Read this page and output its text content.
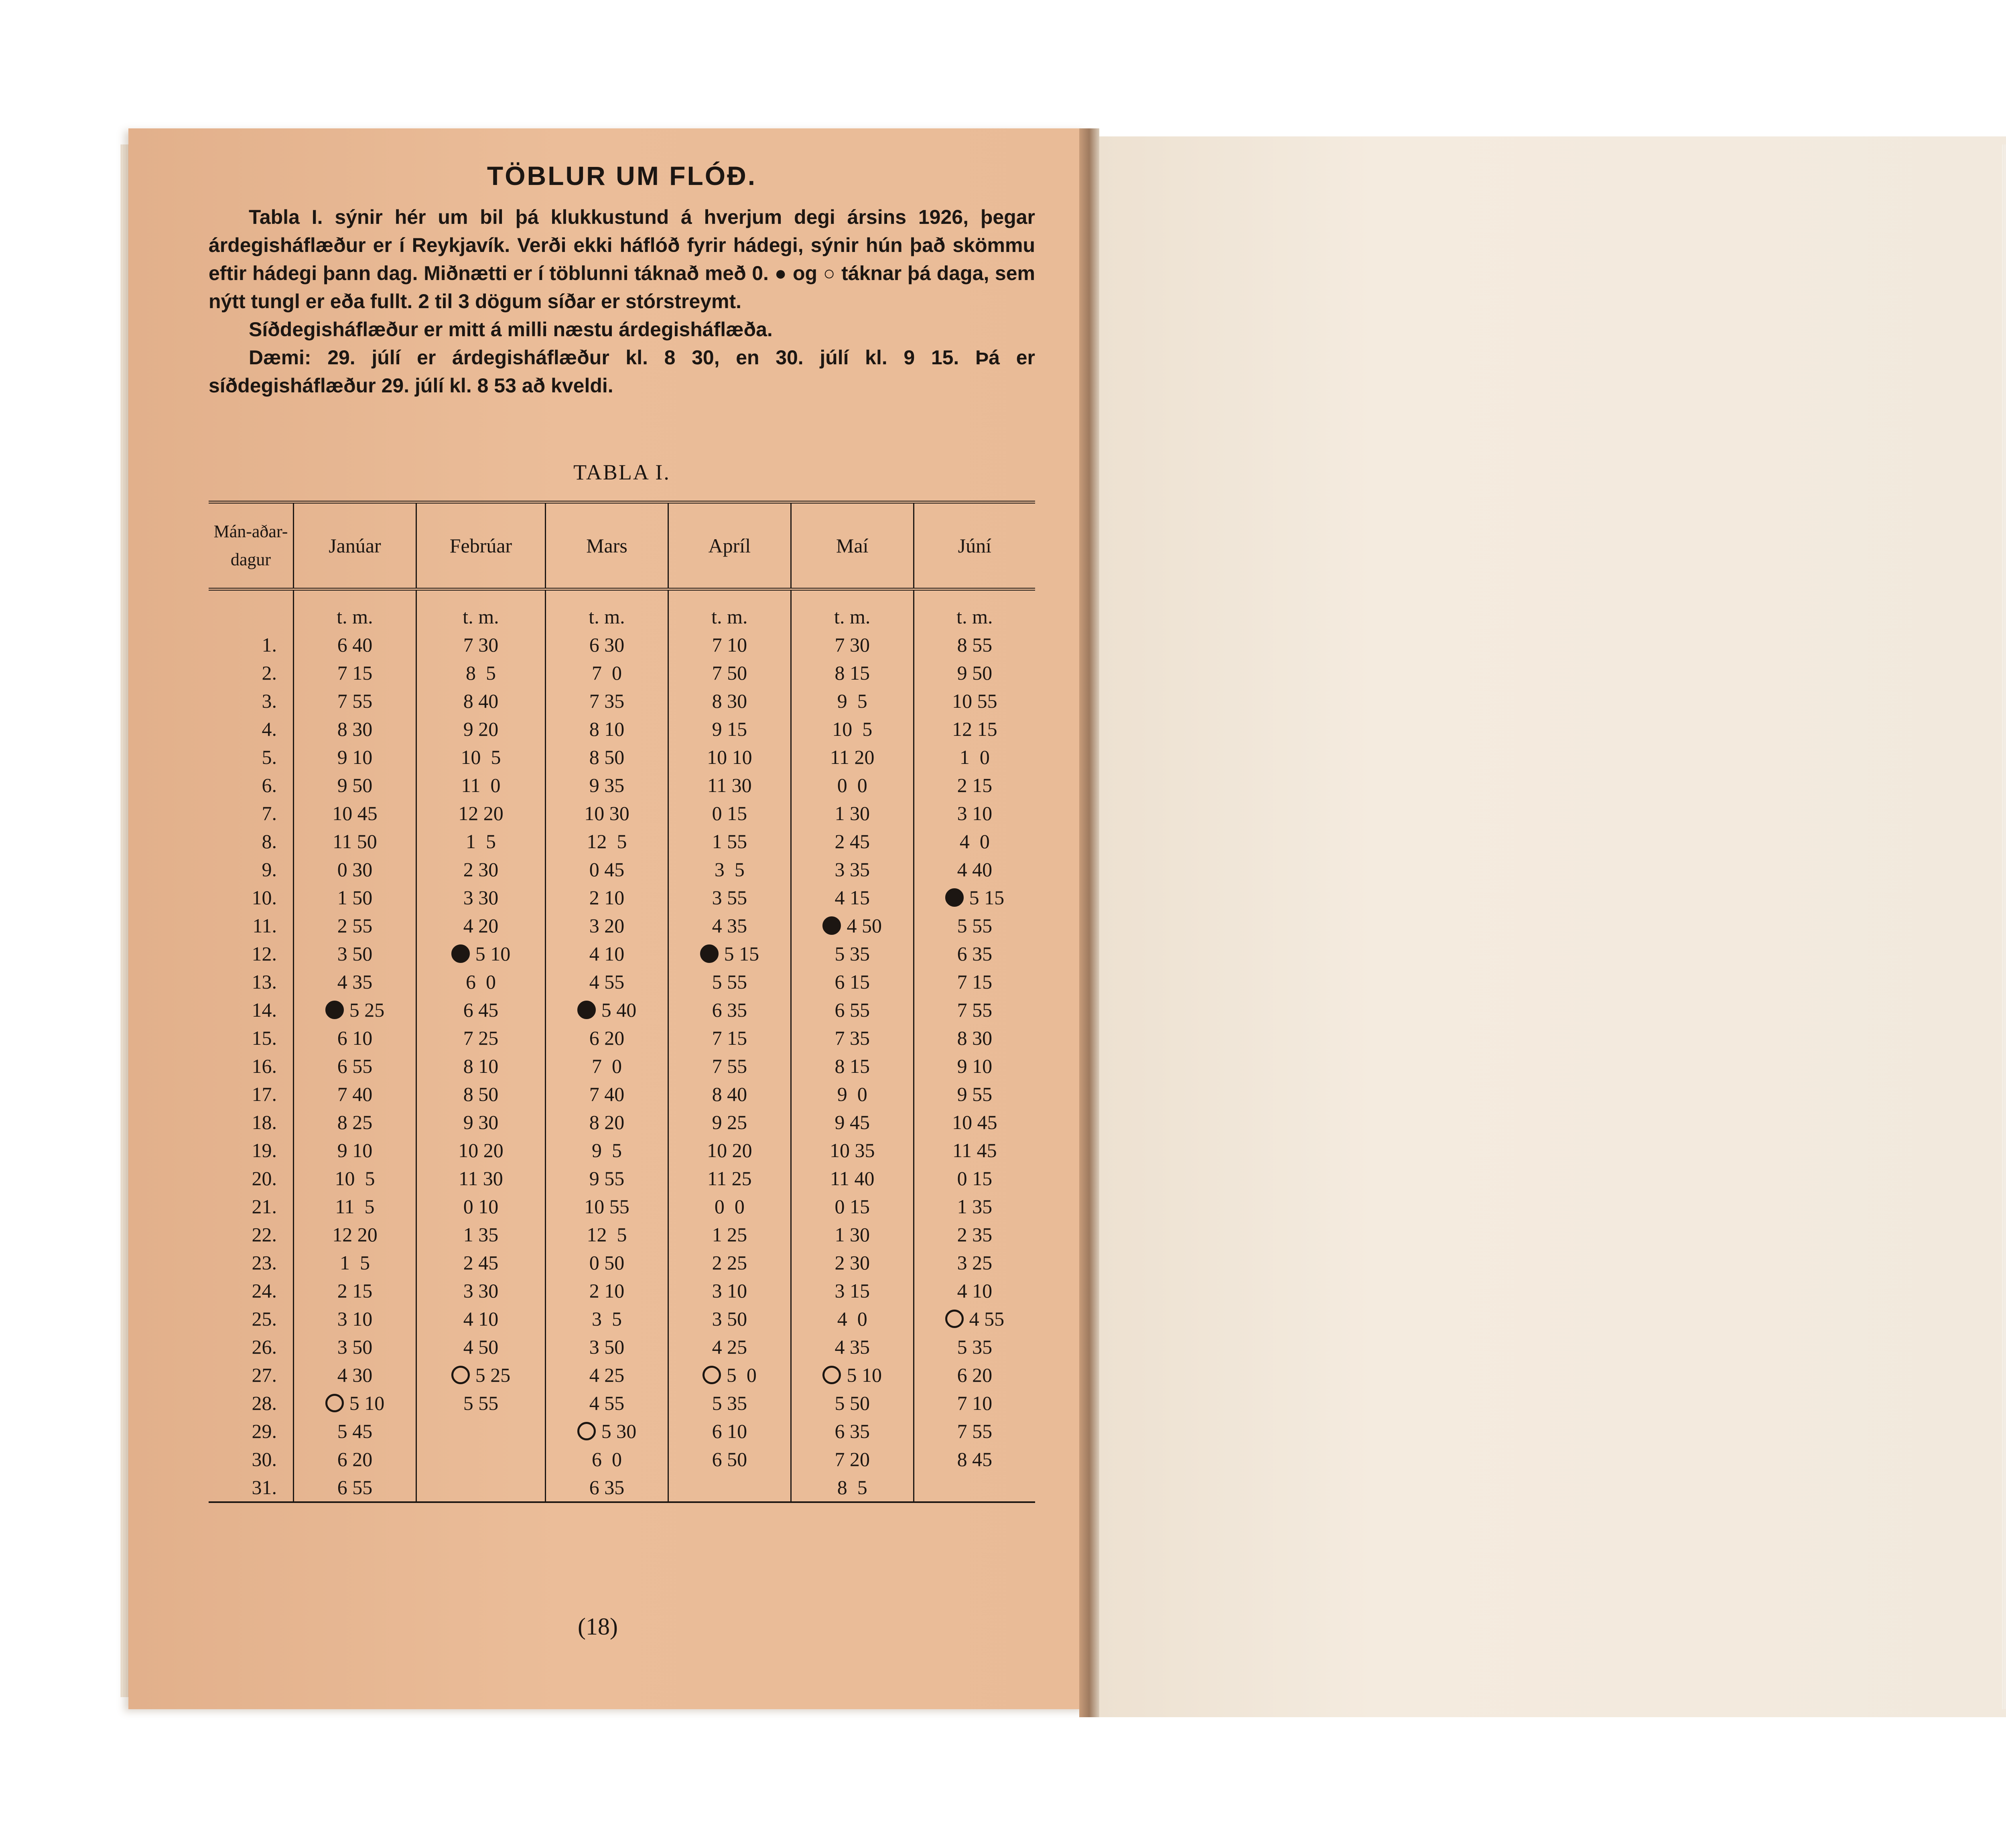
TÖBLUR UM FLÓÐ.

Tabla I. sýnir hér um bil þá klukkustund á hverjum degi ársins 1926, þegar árdegisháflæður er í Reykjavík. Verði ekki háflóð fyrir hádegi, sýnir hún það skömmu eftir hádegi þann dag. Miðnætti er í töblunni táknað með 0. ● og ○ táknar þá daga, sem nýtt tungl er eða fullt. 2 til 3 dögum síðar er stórstreymt.

Síðdegisháflæður er mitt á milli næstu árdegisháflæða.

Dæmi: 29. júlí er árdegisháflæður kl. 8 30, en 30. júlí kl. 9 15. Þá er síðdegisháflæður 29. júlí kl. 8 53 að kveldi.

TABLA I.
Mán-aðar-dagur	Janúar	Febrúar	Mars	Apríl	Maí	Júní
	t. m.	t. m.	t. m.	t. m.	t. m.	t. m.
1.	6 40	7 30	6 30	7 10	7 30	8 55
2.	7 15	8  5	7  0	7 50	8 15	9 50
3.	7 55	8 40	7 35	8 30	9  5	10 55
4.	8 30	9 20	8 10	9 15	10  5	12 15
5.	9 10	10  5	8 50	10 10	11 20	1  0
6.	9 50	11  0	9 35	11 30	0  0	2 15
7.	10 45	12 20	10 30	0 15	1 30	3 10
8.	11 50	1  5	12  5	1 55	2 45	4  0
9.	0 30	2 30	0 45	3  5	3 35	4 40
10.	1 50	3 30	2 10	3 55	4 15	5 15
11.	2 55	4 20	3 20	4 35	4 50	5 55
12.	3 50	5 10	4 10	5 15	5 35	6 35
13.	4 35	6  0	4 55	5 55	6 15	7 15
14.	5 25	6 45	5 40	6 35	6 55	7 55
15.	6 10	7 25	6 20	7 15	7 35	8 30
16.	6 55	8 10	7  0	7 55	8 15	9 10
17.	7 40	8 50	7 40	8 40	9  0	9 55
18.	8 25	9 30	8 20	9 25	9 45	10 45
19.	9 10	10 20	9  5	10 20	10 35	11 45
20.	10  5	11 30	9 55	11 25	11 40	0 15
21.	11  5	0 10	10 55	0  0	0 15	1 35
22.	12 20	1 35	12  5	1 25	1 30	2 35
23.	1  5	2 45	0 50	2 25	2 30	3 25
24.	2 15	3 30	2 10	3 10	3 15	4 10
25.	3 10	4 10	3  5	3 50	4  0	4 55
26.	3 50	4 50	3 50	4 25	4 35	5 35
27.	4 30	5 25	4 25	5  0	5 10	6 20
28.	5 10	5 55	4 55	5 35	5 50	7 10
29.	5 45		5 30	6 10	6 35	7 55
30.	6 20		6  0	6 50	7 20	8 45
31.	6 55		6 35		8  5	

(18)
